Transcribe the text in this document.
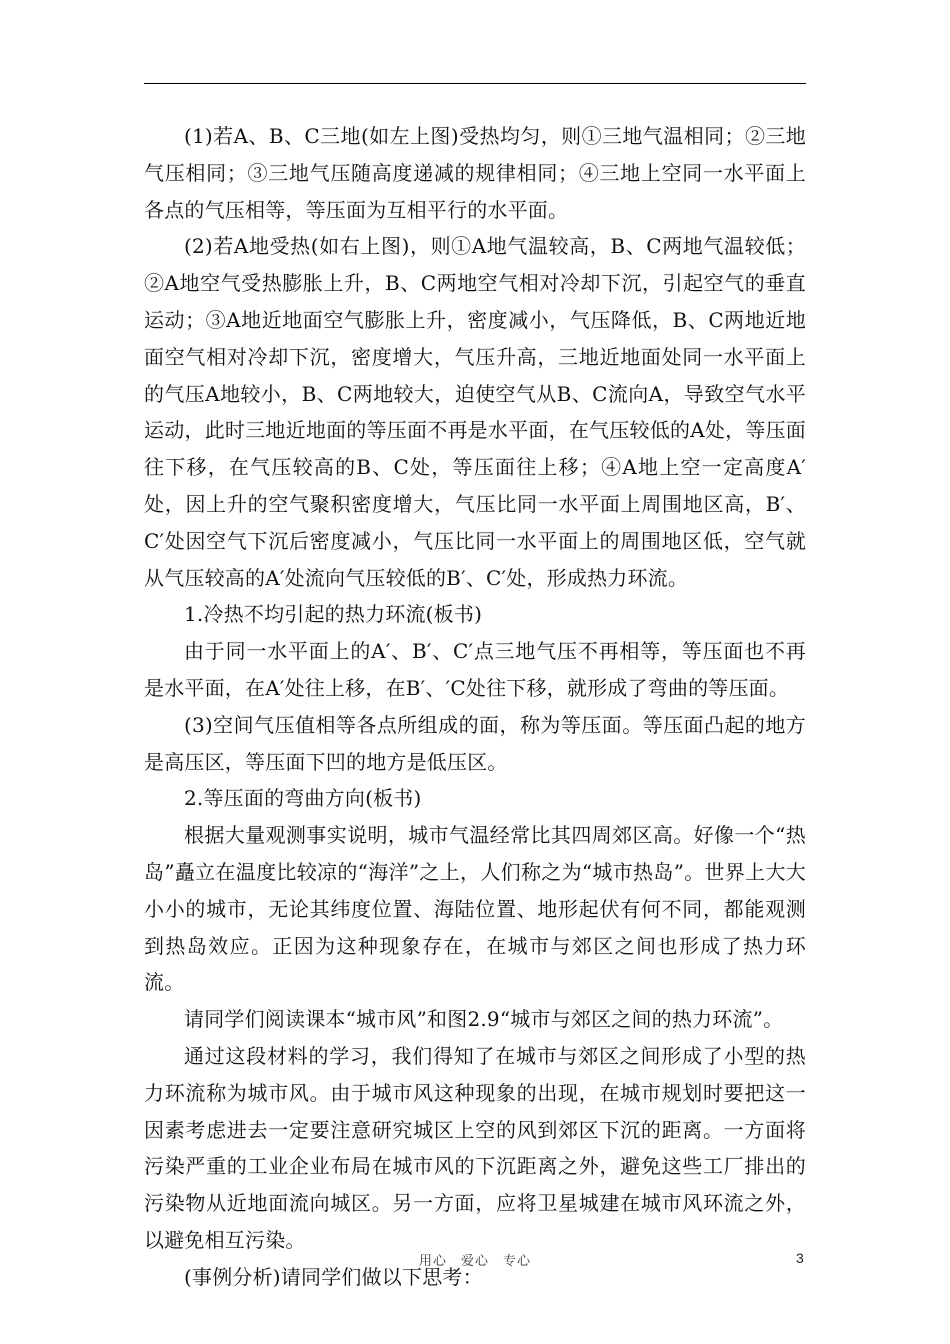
(1)若A、B、C三地(如左上图)受热均匀，则①三地气温相同；②三地气压相同；③三地气压随高度递减的规律相同；④三地上空同一水平面上各点的气压相等，等压面为互相平行的水平面。

(2)若A地受热(如右上图)，则①A地气温较高，B、C两地气温较低；②A地空气受热膨胀上升，B、C两地空气相对冷却下沉，引起空气的垂直运动；③A地近地面空气膨胀上升，密度减小，气压降低，B、C两地近地面空气相对冷却下沉，密度增大，气压升高，三地近地面处同一水平面上的气压A地较小，B、C两地较大，迫使空气从B、C流向A，导致空气水平运动，此时三地近地面的等压面不再是水平面，在气压较低的A处，等压面往下移，在气压较高的B、C处，等压面往上移；④A地上空一定高度A′处，因上升的空气聚积密度增大，气压比同一水平面上周围地区高，B′、C′处因空气下沉后密度减小，气压比同一水平面上的周围地区低，空气就从气压较高的A′处流向气压较低的B′、C′处，形成热力环流。

1.冷热不均引起的热力环流(板书)

由于同一水平面上的A′、B′、C′点三地气压不再相等，等压面也不再是水平面，在A′处往上移，在B′、′C处往下移，就形成了弯曲的等压面。

(3)空间气压值相等各点所组成的面，称为等压面。等压面凸起的地方是高压区，等压面下凹的地方是低压区。

2.等压面的弯曲方向(板书)

根据大量观测事实说明，城市气温经常比其四周郊区高。好像一个“热岛”矗立在温度比较凉的“海洋”之上，人们称之为“城市热岛”。世界上大大小小的城市，无论其纬度位置、海陆位置、地形起伏有何不同，都能观测到热岛效应。正因为这种现象存在，在城市与郊区之间也形成了热力环流。

请同学们阅读课本“城市风”和图2.9“城市与郊区之间的热力环流”。

通过这段材料的学习，我们得知了在城市与郊区之间形成了小型的热力环流称为城市风。由于城市风这种现象的出现，在城市规划时要把这一因素考虑进去一定要注意研究城区上空的风到郊区下沉的距离。一方面将污染严重的工业企业布局在城市风的下沉距离之外，避免这些工厂排出的污染物从近地面流向城区。另一方面，应将卫星城建在城市风环流之外，以避免相互污染。

(事例分析)请同学们做以下思考：

用心　爱心　专心	3
